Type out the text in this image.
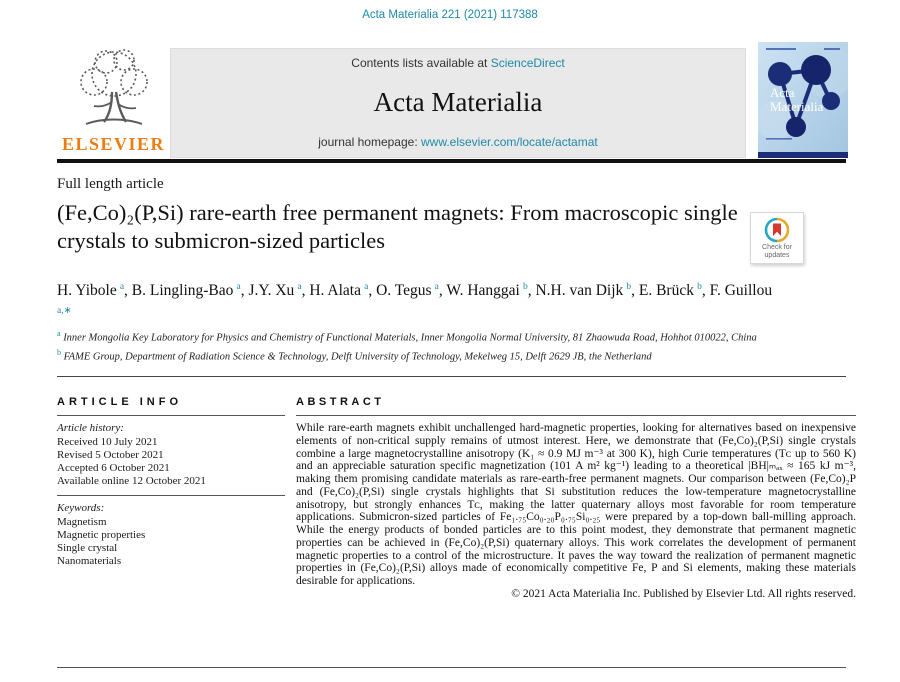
Acta Materialia 221 (2021) 117388
ELSEVIER
Contents lists available at ScienceDirect
Acta Materialia
journal homepage: www.elsevier.com/locate/actamat
Acta
Materialia
Full length article
(Fe,Co)₂(P,Si) rare-earth free permanent magnets: From macroscopic single crystals to submicron-sized particles	Check for
updates
H. Yibole  $^a$, B. Lingling-Bao  $^a$, J.Y. Xu  $^a$, H. Alata  $^a$, O. Tegus  $^a$, W. Hanggai  $^b$, N.H. van Dijk  $^b$, E. Brück  $^b$, F. Guillou $^{a,∗}$
$^a$ Inner Mongolia Key Laboratory for Physics and Chemistry of Functional Materials, Inner Mongolia Normal University, 81 Zhaowuda Road, Hohhot 010022, China
$^b$ FAME Group, Department of Radiation Science & Technology, Delft University of Technology, Mekelweg 15, Delft 2629 JB, the Netherland
ARTICLE INFO
Article history:
Received 10 July 2021
Revised 5 October 2021
Accepted 6 October 2021
Available online 12 October 2021
Keywords:
Magnetism
Magnetic properties
Single crystal
Nanomaterials
ABSTRACT
While rare-earth magnets exhibit unchallenged hard-magnetic properties, looking for alternatives based on inexpensive elements of non-critical supply remains of utmost interest. Here, we demonstrate that (Fe,Co)₂(P,Si) single crystals combine a large magnetocrystalline anisotropy (K₁ ≈ 0.9 MJ m⁻³ at 300 K), high Curie temperatures (Tᴄ up to 560 K) and an appreciable saturation specific magnetization (101 A m² kg⁻¹) leading to a theoretical |BH|ₘₐₓ ≈ 165 kJ m⁻³, making them promising candidate materials as rare-earth-free permanent magnets. Our comparison between (Fe,Co)₂P and (Fe,Co)₂(P,Si) single crystals highlights that Si substitution reduces the low-temperature magnetocrystalline anisotropy, but strongly enhances Tᴄ, making the latter quaternary alloys most favorable for room temperature applications. Submicron-sized particles of Fe₁.₇₅Co₀.₂₀P₀.₇₅Si₀.₂₅ were prepared by a top-down ball-milling approach. While the energy products of bonded particles are to this point modest, they demonstrate that permanent magnetic properties can be achieved in (Fe,Co)₂(P,Si) quaternary alloys. This work correlates the development of permanent magnetic properties to a control of the microstructure. It paves the way toward the realization of permanent magnetic properties in (Fe,Co)₂(P,Si) alloys made of economically competitive Fe, P and Si elements, making these materials desirable for applications.
© 2021 Acta Materialia Inc. Published by Elsevier Ltd. All rights reserved.
